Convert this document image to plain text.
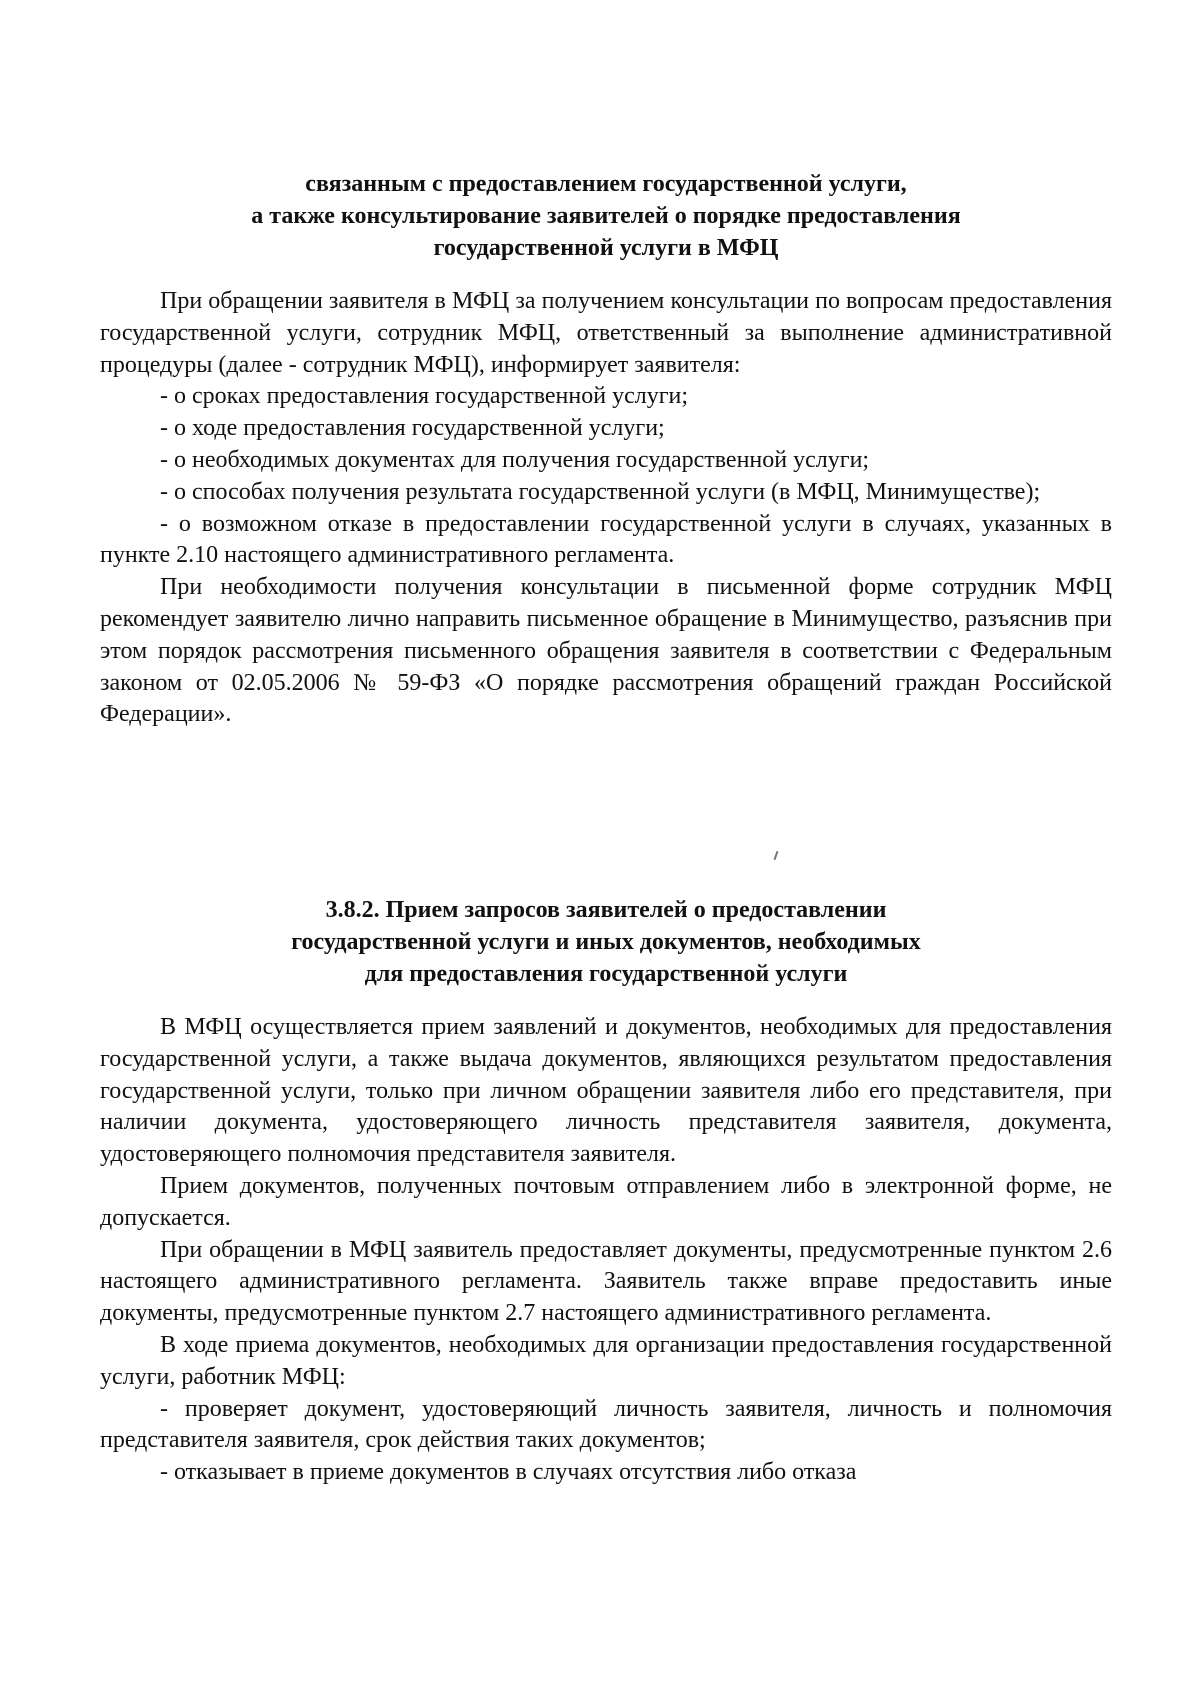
связанным с предоставлением государственной услуги,
а также консультирование заявителей о порядке предоставления
государственной услуги в МФЦ

При обращении заявителя в МФЦ за получением консультации по вопросам предоставления государственной услуги, сотрудник МФЦ, ответственный за выполнение административной процедуры (далее - сотрудник МФЦ), информирует заявителя:

- о сроках предоставления государственной услуги;

- о ходе предоставления государственной услуги;

- о необходимых документах для получения государственной услуги;

- о способах получения результата государственной услуги (в МФЦ, Минимуществе);

- о возможном отказе в предоставлении государственной услуги в случаях, указанных в пункте 2.10 настоящего административного регламента.

При необходимости получения консультации в письменной форме сотрудник МФЦ рекомендует заявителю лично направить письменное обращение в Минимущество, разъяснив при этом порядок рассмотрения письменного обращения заявителя в соответствии с Федеральным законом от 02.05.2006 № 59-ФЗ «О порядке рассмотрения обращений граждан Российской Федерации».

3.8.2. Прием запросов заявителей о предоставлении
государственной услуги и иных документов, необходимых
для предоставления государственной услуги

В МФЦ осуществляется прием заявлений и документов, необходимых для предоставления государственной услуги, а также выдача документов, являющихся результатом предоставления государственной услуги, только при личном обращении заявителя либо его представителя, при наличии документа, удостоверяющего личность представителя заявителя, документа, удостоверяющего полномочия представителя заявителя.

Прием документов, полученных почтовым отправлением либо в электронной форме, не допускается.

При обращении в МФЦ заявитель предоставляет документы, предусмотренные пунктом 2.6 настоящего административного регламента. Заявитель также вправе предоставить иные документы, предусмотренные пунктом 2.7 настоящего административного регламента.

В ходе приема документов, необходимых для организации предоставления государственной услуги, работник МФЦ:

- проверяет документ, удостоверяющий личность заявителя, личность и полномочия представителя заявителя, срок действия таких документов;

- отказывает в приеме документов в случаях отсутствия либо отказа
